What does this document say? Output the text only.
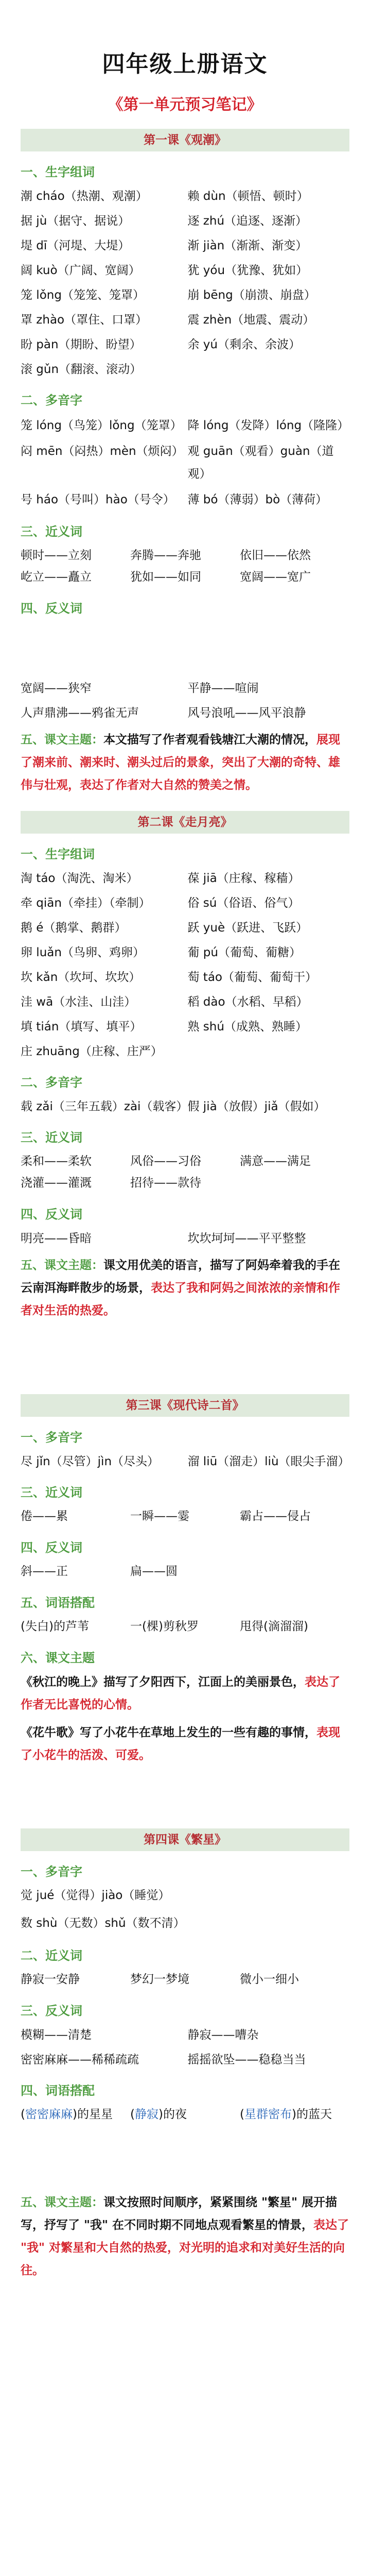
四年级上册语文
《第一单元预习笔记》
第一课《观潮》
一、生字组词
潮 cháo（热潮、观潮）	赖 dùn（顿悟、顿时）
据 jù（据守、据说）	逐 zhú（追逐、逐渐）
堤 dī（河堤、大堤）	渐 jiàn（渐渐、渐变）
阔 kuò（广阔、宽阔）	犹 yóu（犹豫、犹如）
笼 lǒng（笼笼、笼罩）	崩 bēng（崩溃、崩盘）
罩 zhào（罩住、口罩）	震 zhèn（地震、震动）
盼 pàn（期盼、盼望）	余 yú（剩余、余波）
滚 gǔn（翻滚、滚动）
二、多音字
笼 lóng（鸟笼）lǒng（笼罩） 降 lóng（发降）lóng（隆隆）
闷 mēn（闷热）mèn（烦闷） 观 guān（观看）guàn（道观）
号 háo（号叫）hào（号令）	薄 bó（薄弱）bò（薄荷）
三、近义词
顿时——立刻	奔腾——奔驰	依旧——依然
屹立——矗立	犹如——如同	宽阔——宽广
四、反义词
宽阔——狭窄	平静——喧闹
人声鼎沸——鸦雀无声	风号浪吼——风平浪静

五、课文主题：本文描写了作者观看钱塘江大潮的情况，展现了潮来前、潮来时、潮头过后的景象，突出了大潮的奇特、雄伟与壮观，表达了作者对大自然的赞美之情。

第二课《走月亮》
一、生字组词
淘 táo（淘洗、淘米）	葆 jiā（庄稼、稼穑）
牵 qiān（牵挂）（牵制）	俗 sú（俗语、俗气）
鹅 é（鹅掌、鹅群）	跃 yuè（跃进、飞跃）
卵 luǎn（鸟卵、鸡卵）	葡 pú（葡萄、葡糖）
坎 kǎn（坎坷、坎坎）	萄 táo（葡萄、葡萄干）
洼 wā（水洼、山洼）	稻 dào（水稻、早稻）
填 tián（填写、填平）	熟 shú（成熟、熟睡）
庄 zhuāng（庄稼、庄严）
二、多音字
载 zǎi（三年五载）zài（载客） 假 jià（放假）jiǎ（假如）
三、近义词
柔和——柔软	风俗——习俗	满意——满足
浇灌——灌溉	招待——款待
四、反义词
明亮——昏暗	坎坎坷坷——平平整整

五、课文主题：课文用优美的语言，描写了阿妈牵着我的手在云南洱海畔散步的场景，表达了我和阿妈之间浓浓的亲情和作者对生活的热爱。

第三课《现代诗二首》
一、多音字
尽 jǐn（尽管）jìn（尽头）	溜 liū（溜走）liù（眼尖手溜）
三、近义词
倦——累	一瞬——霎	霸占——侵占
四、反义词
斜——正	扁——圆
五、词语搭配
(失白)的芦苇	一(棵)剪秋罗	甩得(滴溜溜)
六、课文主题

《秋江的晚上》描写了夕阳西下，江面上的美丽景色，表达了作者无比喜悦的心情。

《花牛歌》写了小花牛在草地上发生的一些有趣的事情，表现了小花牛的活泼、可爱。

第四课《繁星》
一、多音字
觉 jué（觉得）jiào（睡觉）
数 shù（无数）shǔ（数不清）
二、近义词
静寂一安静	梦幻一梦境	微小一细小
三、反义词
模糊——清楚	静寂——嘈杂
密密麻麻——稀稀疏疏	摇摇欲坠——稳稳当当
四、词语搭配
(密密麻麻)的星星	(静寂)的夜	(星群密布)的蓝天

五、课文主题：课文按照时间顺序，紧紧围绕 "繁星" 展开描写，抒写了 "我" 在不同时期不同地点观看繁星的情景，表达了 "我" 对繁星和大自然的热爱，对光明的追求和对美好生活的向往。
